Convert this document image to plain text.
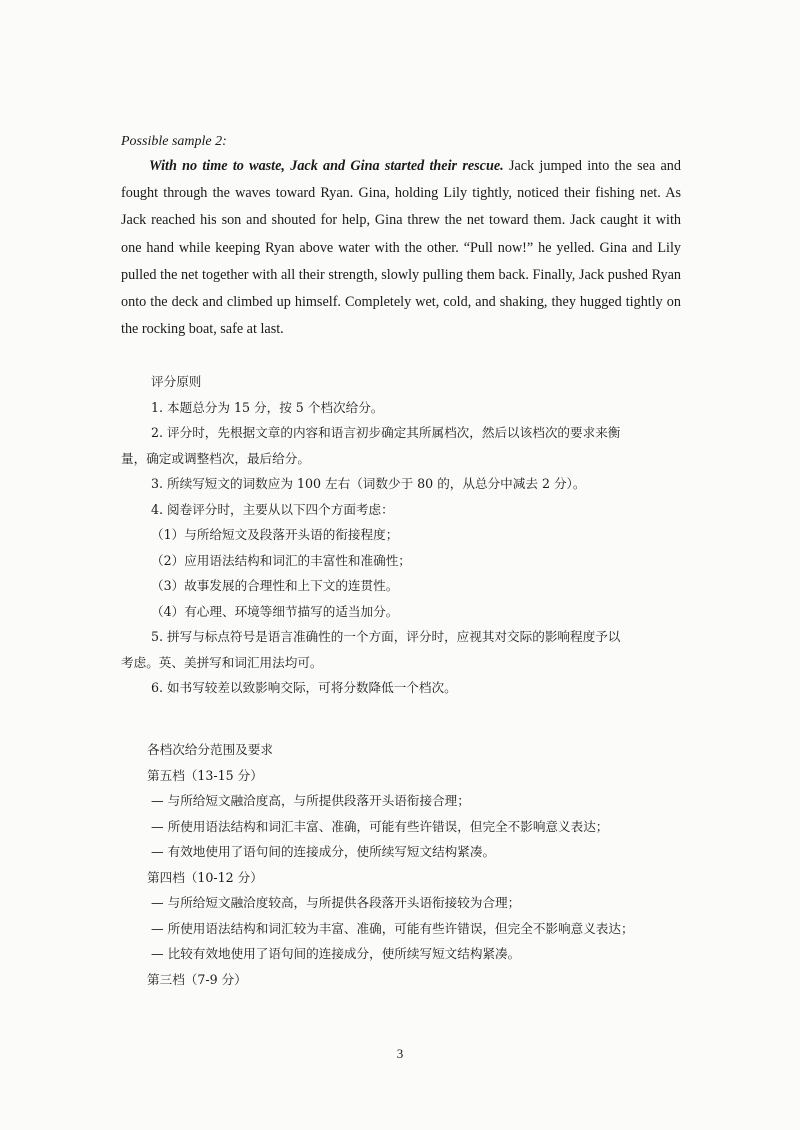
Possible sample 2:
With no time to waste, Jack and Gina started their rescue. Jack jumped into the sea and fought through the waves toward Ryan. Gina, holding Lily tightly, noticed their fishing net. As Jack reached his son and shouted for help, Gina threw the net toward them. Jack caught it with one hand while keeping Ryan above water with the other. “Pull now!” he yelled. Gina and Lily pulled the net together with all their strength, slowly pulling them back. Finally, Jack pushed Ryan onto the deck and climbed up himself. Completely wet, cold, and shaking, they hugged tightly on the rocking boat, safe at last.
评分原则
1. 本题总分为 15 分，按 5 个档次给分。
2. 评分时，先根据文章的内容和语言初步确定其所属档次，然后以该档次的要求来衡
量，确定或调整档次，最后给分。
3. 所续写短文的词数应为 100 左右（词数少于 80 的，从总分中减去 2 分）。
4. 阅卷评分时，主要从以下四个方面考虑：
（1）与所给短文及段落开头语的衔接程度；
（2）应用语法结构和词汇的丰富性和准确性；
（3）故事发展的合理性和上下文的连贯性。
（4）有心理、环境等细节描写的适当加分。
5. 拼写与标点符号是语言准确性的一个方面，评分时，应视其对交际的影响程度予以
考虑。英、美拼写和词汇用法均可。
6. 如书写较差以致影响交际，可将分数降低一个档次。
各档次给分范围及要求
第五档（13-15 分）
— 与所给短文融洽度高，与所提供段落开头语衔接合理；
— 所使用语法结构和词汇丰富、准确，可能有些许错误，但完全不影响意义表达；
— 有效地使用了语句间的连接成分，使所续写短文结构紧凑。
第四档（10-12 分）
— 与所给短文融洽度较高，与所提供各段落开头语衔接较为合理；
— 所使用语法结构和词汇较为丰富、准确，可能有些许错误，但完全不影响意义表达；
— 比较有效地使用了语句间的连接成分，使所续写短文结构紧凑。
第三档（7-9 分）
3
